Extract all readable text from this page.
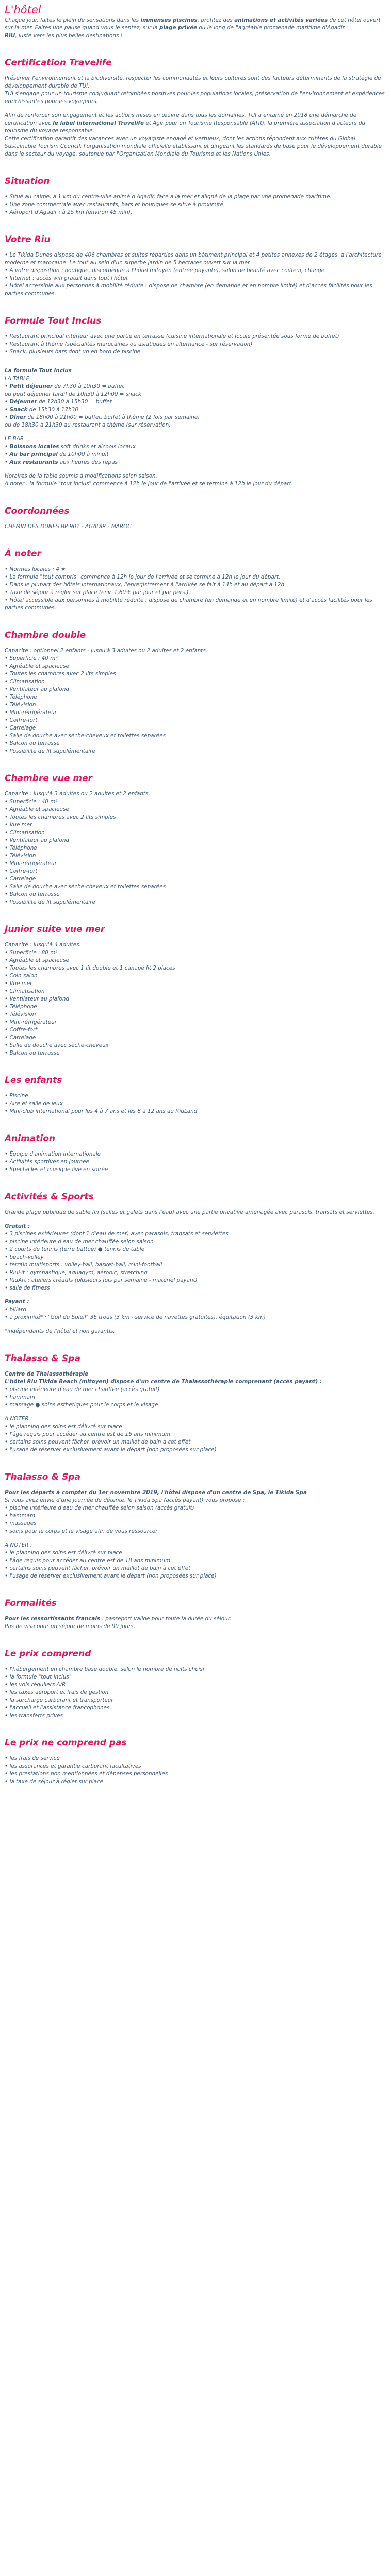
L'hôtel

Chaque jour, faites le plein de sensations dans les immenses piscines, profitez des animations et activités variées de cet hôtel ouvert sur la mer. Faites une pause quand vous le sentez, sur la plage privée ou le long de l'agréable promenade maritime d'Agadir.

RIU, juste vers les plus belles destinations !

Certification Travelife

Préserver l'environnement et la biodiversité, respecter les communautés et leurs cultures sont des facteurs déterminants de la stratégie de développement durable de TUI.

TUI s'engage pour un tourisme conjuguant retombées positives pour les populations locales, préservation de l'environnement et expériences enrichissantes pour les voyageurs.

Afin de renforcer son engagement et les actions mises en œuvre dans tous les domaines, TUI a entamé en 2018 une démarche de certification avec le label international Travelife et Agir pour un Tourisme Responsable (ATR), la première association d'acteurs du tourisme du voyage responsable.

Cette certification garantit des vacances avec un voyagiste engagé et vertueux, dont les actions répondent aux critères du Global Sustainable Tourism Council, l'organisation mondiale officielle établissant et dirigeant les standards de base pour le développement durable dans le secteur du voyage, soutenue par l'Organisation Mondiale du Tourisme et les Nations Unies.

Situation
• Situé au calme, à 1 km du centre-ville animé d'Agadir, face à la mer et aligné de la plage par une promenade maritime.
• Une zone commerciale avec restaurants, bars et boutiques se situe à proximité.
• Aéroport d'Agadir : à 25 km (environ 45 min).
Votre Riu
• Le Tikida Dunes dispose de 406 chambres et suites réparties dans un bâtiment principal et 4 petites annexes de 2 étages, à l'architecture moderne et marocaine. Le tout au sein d'un superbe jardin de 5 hectares ouvert sur la mer.
• À votre disposition : boutique, discothèque à l'hôtel mitoyen (entrée payante), salon de beauté avec coiffeur, change.
• Internet : accès wifi gratuit dans tout l'hôtel.
• Hôtel accessible aux personnes à mobilité réduite : dispose de chambre (en demande et en nombre limité) et d'accès facilités pour les parties communes.
Formule Tout Inclus
• Restaurant principal intérieur avec une partie en terrasse (cuisine internationale et locale présentée sous forme de buffet)
• Restaurant à thème (spécialités marocaines ou asiatiques en alternance - sur réservation)
• Snack, plusieurs bars dont un en bord de piscine

La formule Tout Inclus

LA TABLE

• Petit déjeuner de 7h30 à 10h30 = buffet

ou petit déjeuner tardif de 10h30 à 12h00 = snack

• Déjeuner de 12h30 à 15h30 = buffet

• Snack de 15h30 à 17h30

• Dîner de 18h00 à 21h00 = buffet, buffet à thème (2 fois par semaine)

ou de 18h30 à 21h30 au restaurant à thème (sur réservation)

LE BAR

• Boissons locales soft drinks et alcools locaux

• Au bar principal de 10h00 à minuit

• Aux restaurants aux heures des repas

Horaires de la table soumis à modifications selon saison.

A noter : la formule "tout inclus" commence à 12h le jour de l'arrivée et se termine à 12h le jour du départ.

Coordonnées

CHEMIN DES DUNES BP 901 - AGADIR - MAROC

À noter
• Normes locales : 4 ★
• La formule "tout compris" commence à 12h le jour de l'arrivée et se termine à 12h le jour du départ.
• Dans le plupart des hôtels internationaux, l'enregistrement à l'arrivée se fait à 14h et au départ à 12h.
• Taxe de séjour à régler sur place (env. 1,60 € par jour et par pers.).
• Hôtel accessible aux personnes à mobilité réduite : dispose de chambre (en demande et en nombre limité) et d'accès facilités pour les parties communes.
Chambre double

Capacité : optionnel 2 enfants - jusqu'à 3 adultes ou 2 adultes et 2 enfants.

• Superficie : 40 m²
• Agréable et spacieuse
• Toutes les chambres avec 2 lits simples
• Climatisation
• Ventilateur au plafond
• Téléphone
• Télévision
• Mini-réfrigérateur
• Coffre-fort
• Carrelage
• Salle de douche avec sèche-cheveux et toilettes séparées
• Balcon ou terrasse
• Possibilité de lit supplémentaire
Chambre vue mer

Capacité : jusqu'à 3 adultes ou 2 adultes et 2 enfants.

• Superficie : 40 m²
• Agréable et spacieuse
• Toutes les chambres avec 2 lits simples
• Vue mer
• Climatisation
• Ventilateur au plafond
• Téléphone
• Télévision
• Mini-réfrigérateur
• Coffre-fort
• Carrelage
• Salle de douche avec sèche-cheveux et toilettes séparées
• Balcon ou terrasse
• Possibilité de lit supplémentaire
Junior suite vue mer

Capacité : jusqu'à 4 adultes.

• Superficie : 80 m²
• Agréable et spacieuse
• Toutes les chambres avec 1 lit double et 1 canapé lit 2 places
• Coin salon
• Vue mer
• Climatisation
• Ventilateur au plafond
• Téléphone
• Télévision
• Mini-réfrigérateur
• Coffre-fort
• Carrelage
• Salle de douche avec sèche-cheveux
• Balcon ou terrasse
Les enfants
• Piscine
• Aire et salle de jeux
• Mini-club international pour les 4 à 7 ans et les 8 à 12 ans au RiuLand
Animation
• Équipe d'animation internationale
• Activités sportives en journée
• Spectacles et musique live en soirée
Activités & Sports

Grande plage publique de sable fin (salles et galets dans l'eau) avec une partie privative aménagée avec parasols, transats et serviettes.

Gratuit :

• 3 piscines extérieures (dont 1 d'eau de mer) avec parasols, transats et serviettes
• piscine intérieure d'eau de mer chauffée selon saison
• 2 courts de tennis (terre battue) ● tennis de table
• beach-volley
• terrain multisports : volley-ball, basket-ball, mini-football
• RiuFit : gymnastique, aquagym, aérobic, stretching
• RiuArt : ateliers créatifs (plusieurs fois par semaine - matériel payant)
• salle de fitness

Payant :

• billard
• à proximité* : "Golf du Soleil" 36 trous (3 km - service de navettes gratuites), équitation (3 km)

*indépendants de l'hôtel et non garantis.

Thalasso & Spa

Centre de Thalassothérapie

L'hôtel Riu Tikida Beach (mitoyen) dispose d'un centre de Thalassothérapie comprenant (accès payant) :

• piscine intérieure d'eau de mer chauffée (accès gratuit)
• hammam
• massage ● soins esthétiques pour le corps et le visage

A NOTER :

• le planning des soins est délivré sur place
• l'âge requis pour accéder au centre est de 16 ans minimum
• certains soins peuvent fâcher, prévoir un maillot de bain à cet effet
• l'usage de réserver exclusivement avant le départ (non proposées sur place)
Thalasso & Spa

Pour les départs à compter du 1er novembre 2019, l'hôtel dispose d'un centre de Spa, le Tikida Spa

Si vous avez envie d'une journée de détente, le Tikida Spa (accès payant) vous propose :

• piscine intérieure d'eau de mer chauffée selon saison (accès gratuit)
• hammam
• massages
• soins pour le corps et le visage afin de vous ressourcer

A NOTER :

• le planning des soins est délivré sur place
• l'âge requis pour accéder au centre est de 18 ans minimum
• certains soins peuvent fâcher, prévoir un maillot de bain à cet effet
• l'usage de réserver exclusivement avant le départ (non proposées sur place)
Formalités

Pour les ressortissants français : passeport valide pour toute la durée du séjour.

Pas de visa pour un séjour de moins de 90 jours.

Le prix comprend
• l'hébergement en chambre base double, selon le nombre de nuits choisi
• la formule "tout inclus"
• les vols réguliers A/R
• les taxes aéroport et frais de gestion
• la surcharge carburant et transporteur
• l'accueil et l'assistance francophones
• les transferts privés
Le prix ne comprend pas
• les frais de service
• les assurances et garantie carburant facultatives
• les prestations non mentionnées et dépenses personnelles
• la taxe de séjour à régler sur place
